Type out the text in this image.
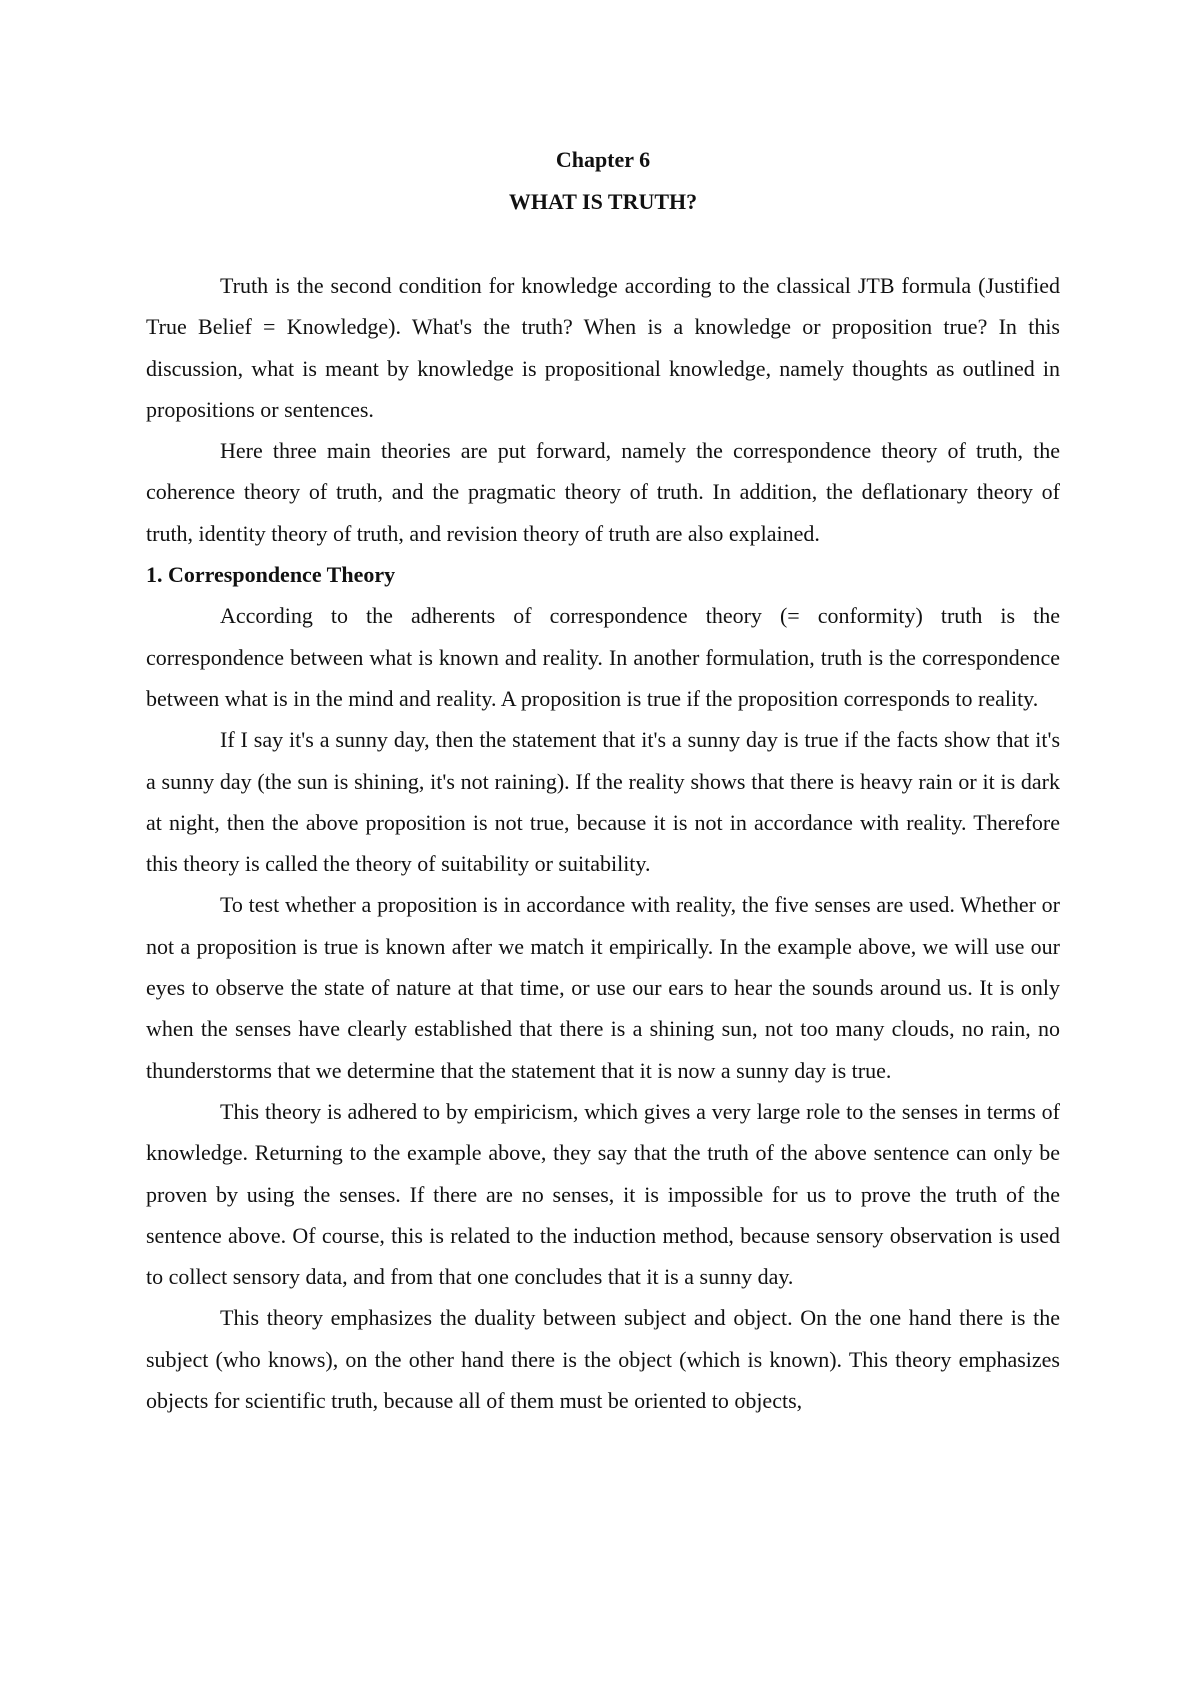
Chapter 6

WHAT IS TRUTH?

Truth is the second condition for knowledge according to the classical JTB formula (Justified True Belief = Knowledge). What's the truth? When is a knowledge or proposition true? In this discussion, what is meant by knowledge is propositional knowledge, namely thoughts as outlined in propositions or sentences.

Here three main theories are put forward, namely the correspondence theory of truth, the coherence theory of truth, and the pragmatic theory of truth. In addition, the deflationary theory of truth, identity theory of truth, and revision theory of truth are also explained.

1. Correspondence Theory

According to the adherents of correspondence theory (= conformity) truth is the correspondence between what is known and reality. In another formulation, truth is the correspondence between what is in the mind and reality. A proposition is true if the proposition corresponds to reality.

If I say it's a sunny day, then the statement that it's a sunny day is true if the facts show that it's a sunny day (the sun is shining, it's not raining). If the reality shows that there is heavy rain or it is dark at night, then the above proposition is not true, because it is not in accordance with reality. Therefore this theory is called the theory of suitability or suitability.

To test whether a proposition is in accordance with reality, the five senses are used. Whether or not a proposition is true is known after we match it empirically. In the example above, we will use our eyes to observe the state of nature at that time, or use our ears to hear the sounds around us. It is only when the senses have clearly established that there is a shining sun, not too many clouds, no rain, no thunderstorms that we determine that the statement that it is now a sunny day is true.

This theory is adhered to by empiricism, which gives a very large role to the senses in terms of knowledge. Returning to the example above, they say that the truth of the above sentence can only be proven by using the senses. If there are no senses, it is impossible for us to prove the truth of the sentence above. Of course, this is related to the induction method, because sensory observation is used to collect sensory data, and from that one concludes that it is a sunny day.

This theory emphasizes the duality between subject and object. On the one hand there is the subject (who knows), on the other hand there is the object (which is known). This theory emphasizes objects for scientific truth, because all of them must be oriented to objects,
